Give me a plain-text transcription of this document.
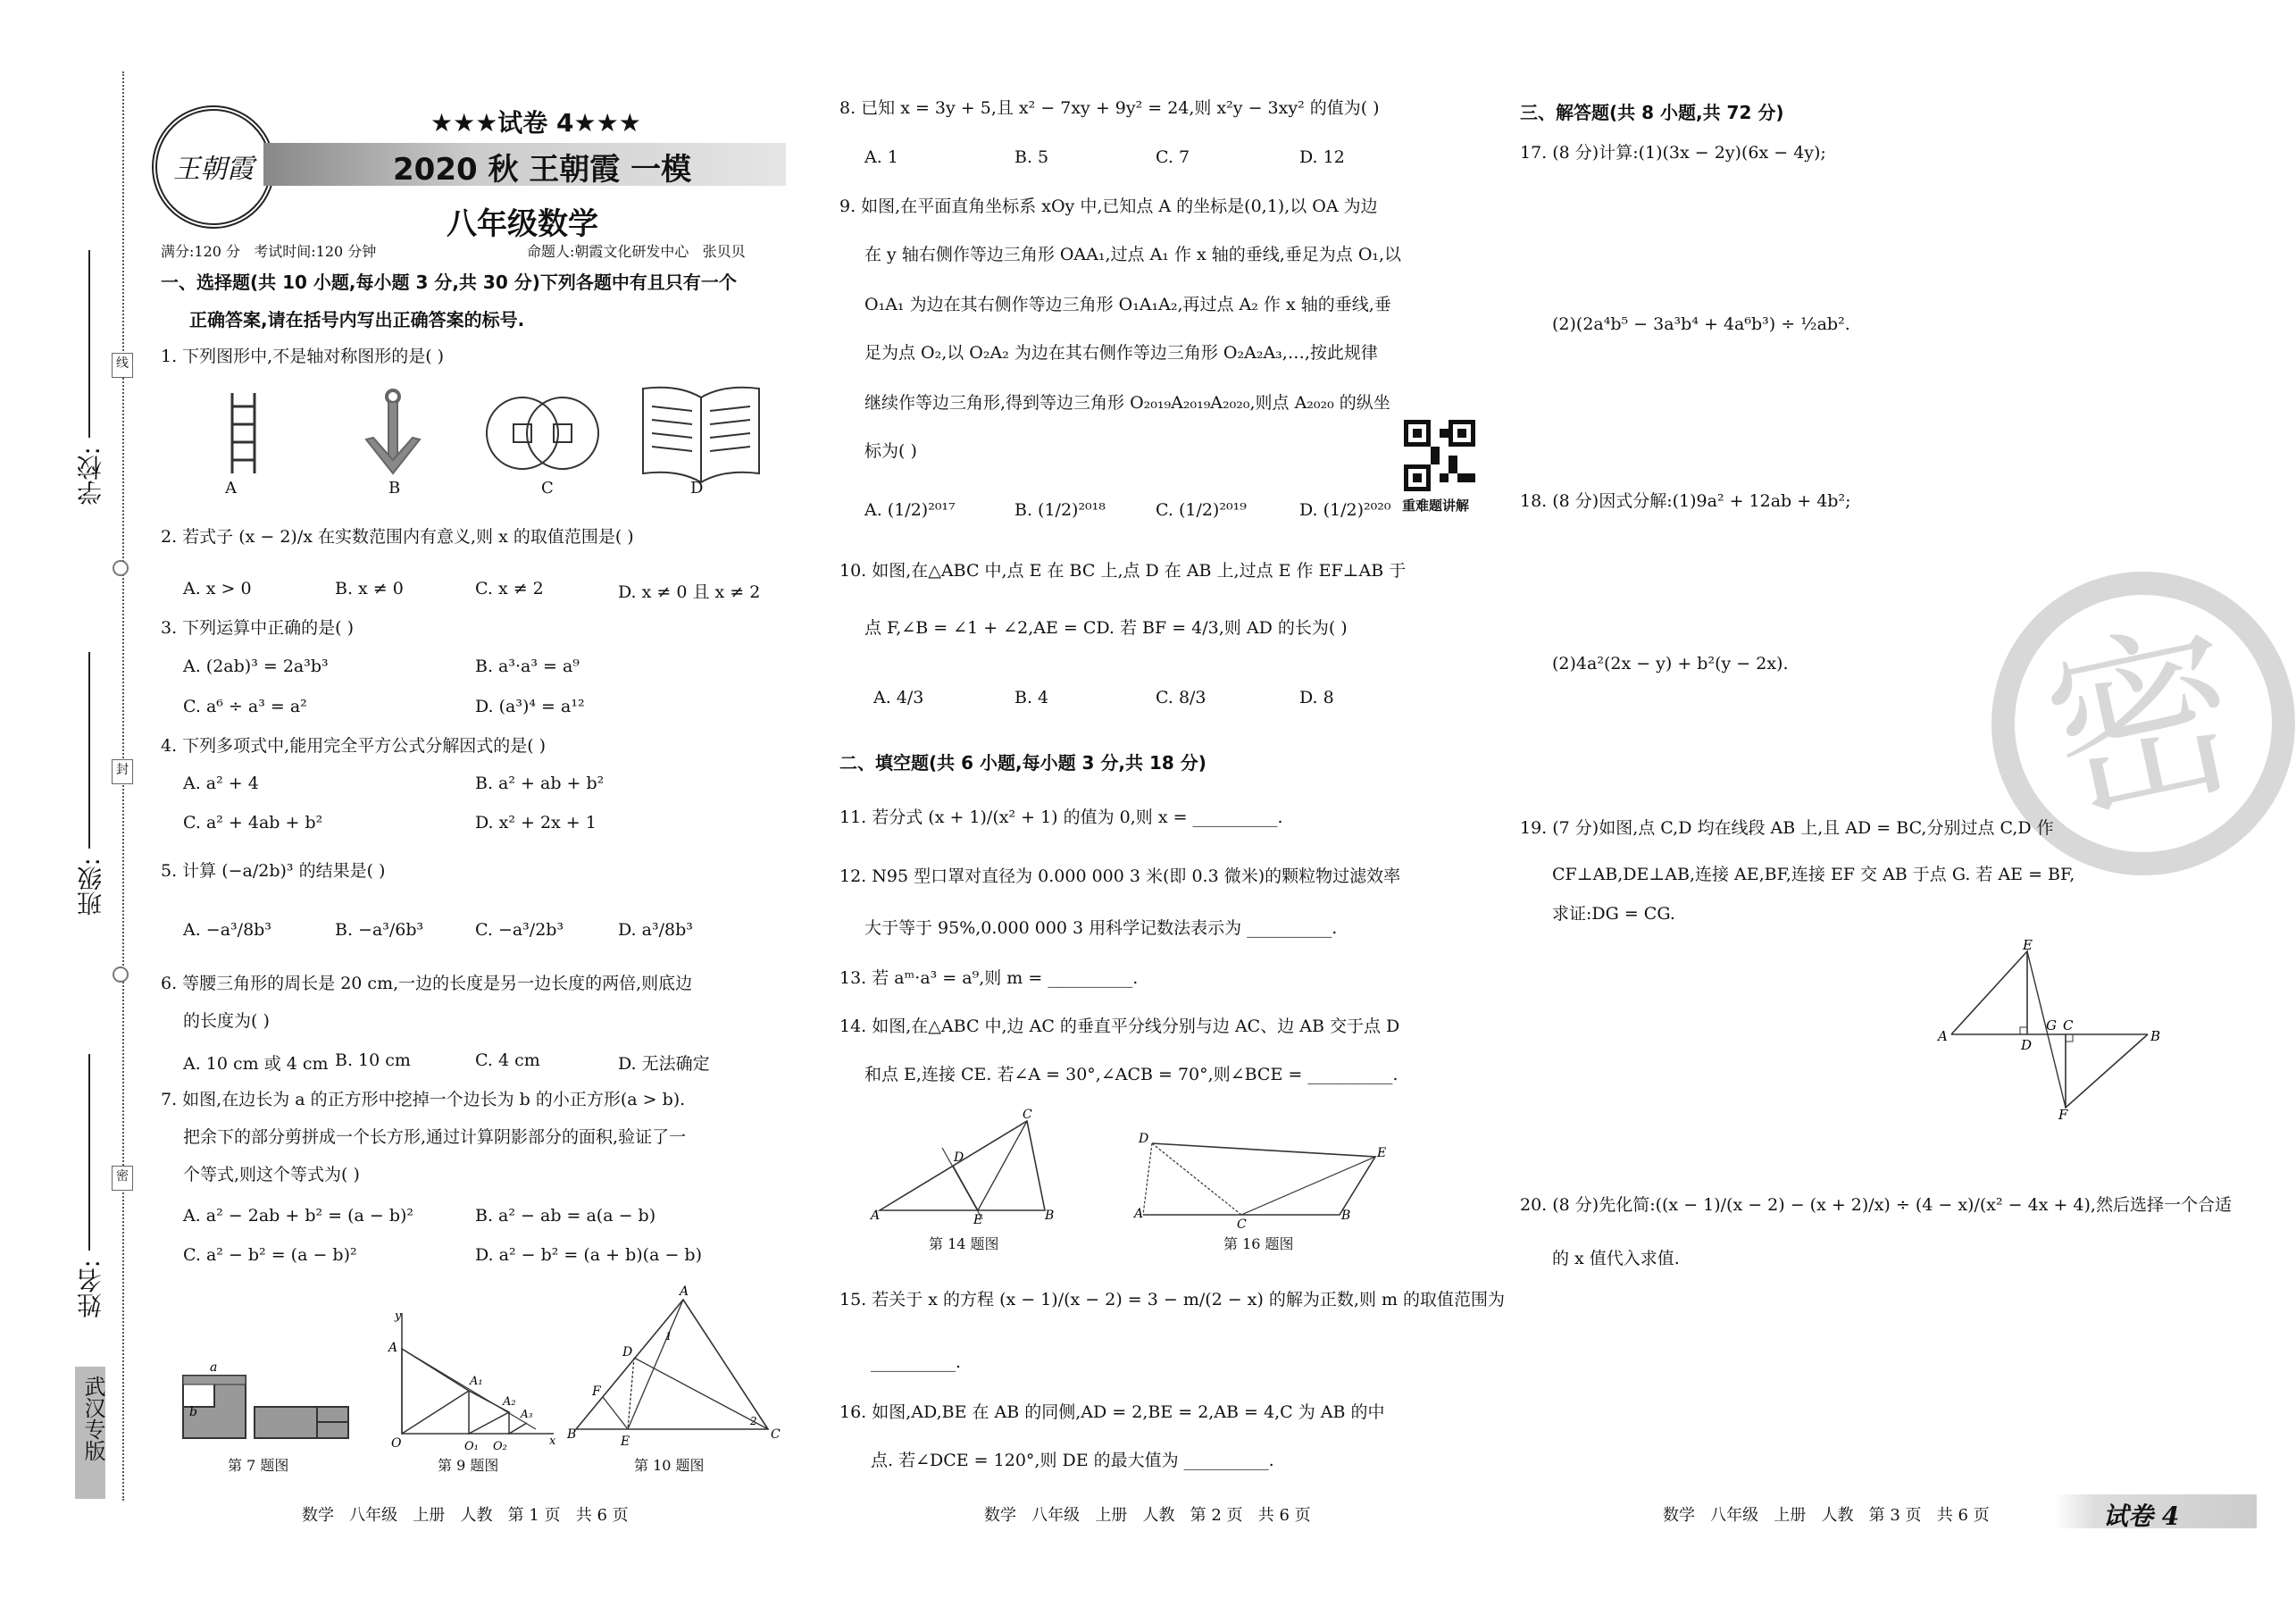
学校:
班级:
姓名:
线
封
密
武汉专版
王朝霞
★★★试卷 4★★★
2020 秋 王朝霞 一模
八年级数学
满分:120 分   考试时间:120 分钟	命题人:朝霞文化研发中心   张贝贝
一、选择题(共 10 小题,每小题 3 分,共 30 分)下列各题中有且只有一个
正确答案,请在括号内写出正确答案的标号.
1. 下列图形中,不是轴对称图形的是( )
A	B	C	D
2. 若式子 (x − 2)/x 在实数范围内有意义,则 x 的取值范围是( )
A. x > 0	B. x ≠ 0	C. x ≠ 2	D. x ≠ 0 且 x ≠ 2
3. 下列运算中正确的是( )
A. (2ab)³ = 2a³b³	B. a³·a³ = a⁹
C. a⁶ ÷ a³ = a²	D. (a³)⁴ = a¹²
4. 下列多项式中,能用完全平方公式分解因式的是( )
A. a² + 4	B. a² + ab + b²
C. a² + 4ab + b²	D. x² + 2x + 1
5. 计算 (−a/2b)³ 的结果是( )
A. −a³/8b³	B. −a³/6b³	C. −a³/2b³	D. a³/8b³
6. 等腰三角形的周长是 20 cm,一边的长度是另一边长度的两倍,则底边
的长度为( )
A. 10 cm 或 4 cm B. 10 cm	C. 4 cm	D. 无法确定
7. 如图,在边长为 a 的正方形中挖掉一个边长为 b 的小正方形(a > b).
把余下的部分剪拼成一个长方形,通过计算阴影部分的面积,验证了一
个等式,则这个等式为( )
A. a² − 2ab + b² = (a − b)²	B. a² − ab = a(a − b)
C. a² − b² = (a − b)²	D. a² − b² = (a + b)(a − b)
a
b
第 7 题图
O
A
A₁
A₂
A₃
O₁ O₂	x
y
第 9 题图
B	C
A
E
F
D
1
2
第 10 题图
数学   八年级   上册   人教   第 1 页   共 6 页
8. 已知 x = 3y + 5,且 x² − 7xy + 9y² = 24,则 x²y − 3xy² 的值为( )
A. 1	B. 5	C. 7	D. 12
9. 如图,在平面直角坐标系 xOy 中,已知点 A 的坐标是(0,1),以 OA 为边
在 y 轴右侧作等边三角形 OAA₁,过点 A₁ 作 x 轴的垂线,垂足为点 O₁,以
O₁A₁ 为边在其右侧作等边三角形 O₁A₁A₂,再过点 A₂ 作 x 轴的垂线,垂
足为点 O₂,以 O₂A₂ 为边在其右侧作等边三角形 O₂A₂A₃,…,按此规律
继续作等边三角形,得到等边三角形 O₂₀₁₉A₂₀₁₉A₂₀₂₀,则点 A₂₀₂₀ 的纵坐
标为( )
重难题讲解
A. (1/2)²⁰¹⁷	B. (1/2)²⁰¹⁸	C. (1/2)²⁰¹⁹	D. (1/2)²⁰²⁰
10. 如图,在△ABC 中,点 E 在 BC 上,点 D 在 AB 上,过点 E 作 EF⊥AB 于
点 F,∠B = ∠1 + ∠2,AE = CD. 若 BF = 4/3,则 AD 的长为( )
A. 4/3	B. 4	C. 8/3	D. 8
二、填空题(共 6 小题,每小题 3 分,共 18 分)
11. 若分式 (x + 1)/(x² + 1) 的值为 0,则 x = __________.
12. N95 型口罩对直径为 0.000 000 3 米(即 0.3 微米)的颗粒物过滤效率
大于等于 95%,0.000 000 3 用科学记数法表示为 __________.
13. 若 aᵐ·a³ = a⁹,则 m = __________.
14. 如图,在△ABC 中,边 AC 的垂直平分线分别与边 AC、边 AB 交于点 D
和点 E,连接 CE. 若∠A = 30°,∠ACB = 70°,则∠BCE = __________.
A
C
B
E
D
第 14 题图
D
E
A
C
B
第 16 题图
15. 若关于 x 的方程 (x − 1)/(x − 2) = 3 − m/(2 − x) 的解为正数,则 m 的取值范围为
__________.
16. 如图,AD,BE 在 AB 的同侧,AD = 2,BE = 2,AB = 4,C 为 AB 的中
点. 若∠DCE = 120°,则 DE 的最大值为 __________.
数学   八年级   上册   人教   第 2 页   共 6 页
三、解答题(共 8 小题,共 72 分)
17. (8 分)计算:(1)(3x − 2y)(6x − 4y);
(2)(2a⁴b⁵ − 3a³b⁴ + 4a⁶b³) ÷ ½ab².
18. (8 分)因式分解:(1)9a² + 12ab + 4b²;
(2)4a²(2x − y) + b²(y − 2x). 密
19. (7 分)如图,点 C,D 均在线段 AB 上,且 AD = BC,分别过点 C,D 作
CF⊥AB,DE⊥AB,连接 AE,BF,连接 EF 交 AB 于点 G. 若 AE = BF,
求证:DG = CG.
A	B
E
F
D
G C
20. (8 分)先化简:((x − 1)/(x − 2) − (x + 2)/x) ÷ (4 − x)/(x² − 4x + 4),然后选择一个合适
的 x 值代入求值.
数学   八年级   上册   人教   第 3 页   共 6 页	试卷 4
